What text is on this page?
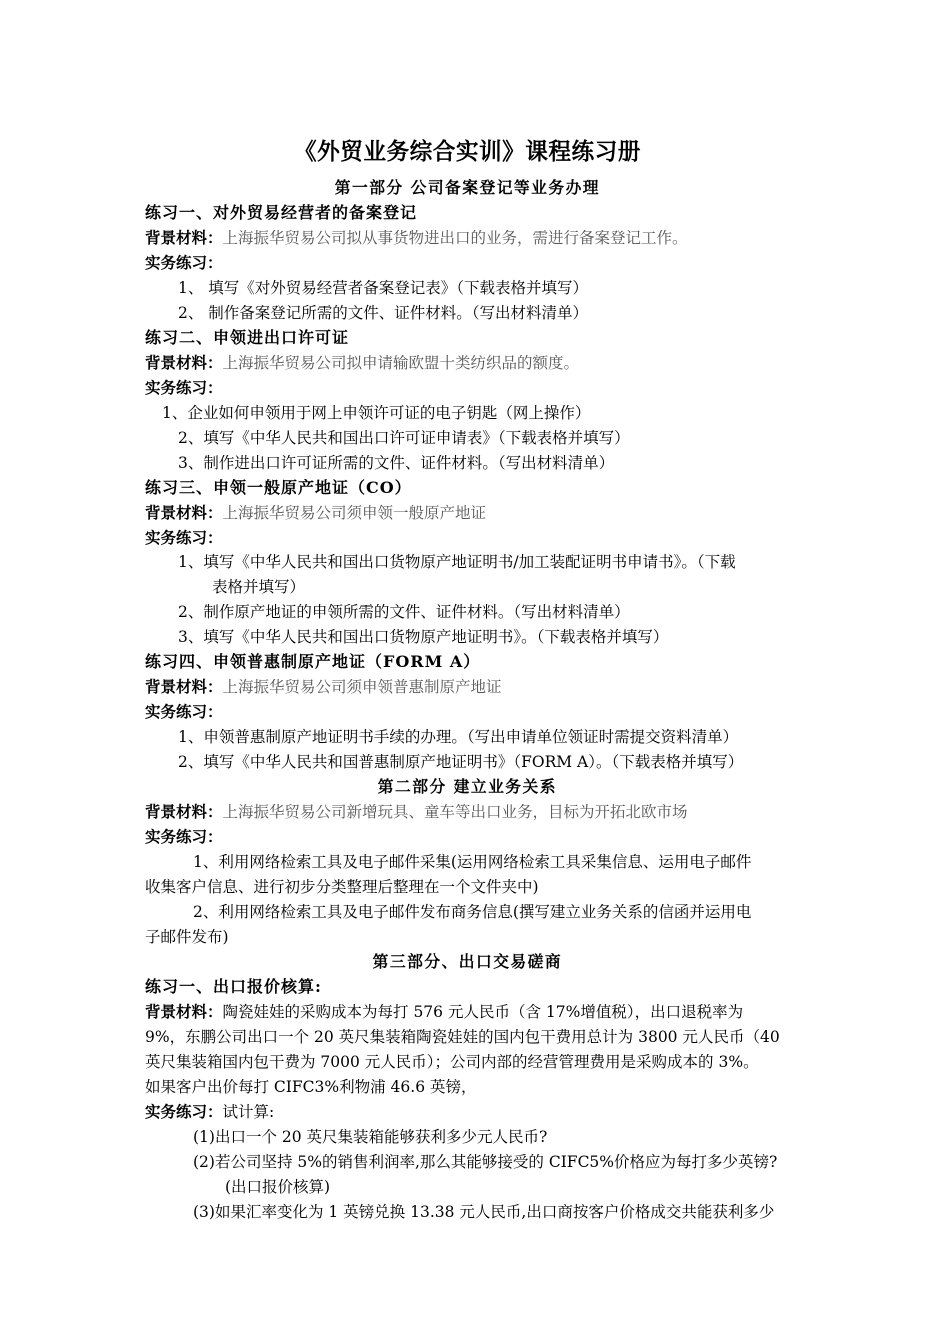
《外贸业务综合实训》课程练习册
第一部分 公司备案登记等业务办理
练习一、对外贸易经营者的备案登记
背景材料：上海振华贸易公司拟从事货物进出口的业务，需进行备案登记工作。
实务练习：
1、 填写《对外贸易经营者备案登记表》（下载表格并填写）
2、 制作备案登记所需的文件、证件材料。（写出材料清单）
练习二、申领进出口许可证
背景材料：上海振华贸易公司拟申请输欧盟十类纺织品的额度。
实务练习：
1、企业如何申领用于网上申领许可证的电子钥匙（网上操作）
2、填写《中华人民共和国出口许可证申请表》（下载表格并填写）
3、制作进出口许可证所需的文件、证件材料。（写出材料清单）
练习三、申领一般原产地证（CO）
背景材料：上海振华贸易公司须申领一般原产地证
实务练习：
1、填写《中华人民共和国出口货物原产地证明书/加工装配证明书申请书》。（下载
表格并填写）
2、制作原产地证的申领所需的文件、证件材料。（写出材料清单）
3、填写《中华人民共和国出口货物原产地证明书》。（下载表格并填写）
练习四、申领普惠制原产地证（FORM A）
背景材料：上海振华贸易公司须申领普惠制原产地证
实务练习：
1、申领普惠制原产地证明书手续的办理。（写出申请单位领证时需提交资料清单）
2、填写《中华人民共和国普惠制原产地证明书》（FORM A）。（下载表格并填写）
第二部分 建立业务关系
背景材料：上海振华贸易公司新增玩具、童车等出口业务，目标为开拓北欧市场
实务练习：
1、利用网络检索工具及电子邮件采集(运用网络检索工具采集信息、运用电子邮件
收集客户信息、进行初步分类整理后整理在一个文件夹中)
2、利用网络检索工具及电子邮件发布商务信息(撰写建立业务关系的信函并运用电
子邮件发布)
第三部分、出口交易磋商
练习一、出口报价核算:
背景材料：陶瓷娃娃的采购成本为每打 576 元人民币（含 17%增值税），出口退税率为
9%，东鹏公司出口一个 20 英尺集装箱陶瓷娃娃的国内包干费用总计为 3800 元人民币（40
英尺集装箱国内包干费为 7000 元人民币）；公司内部的经营管理费用是采购成本的 3%。
如果客户出价每打 CIFC3%利物浦 46.6 英镑，
实务练习：试计算:
(1)出口一个 20 英尺集装箱能够获利多少元人民币?
(2)若公司坚持 5%的销售利润率,那么其能够接受的 CIFC5%价格应为每打多少英镑?
(出口报价核算)
(3)如果汇率变化为 1 英镑兑换 13.38 元人民币,出口商按客户价格成交共能获利多少
